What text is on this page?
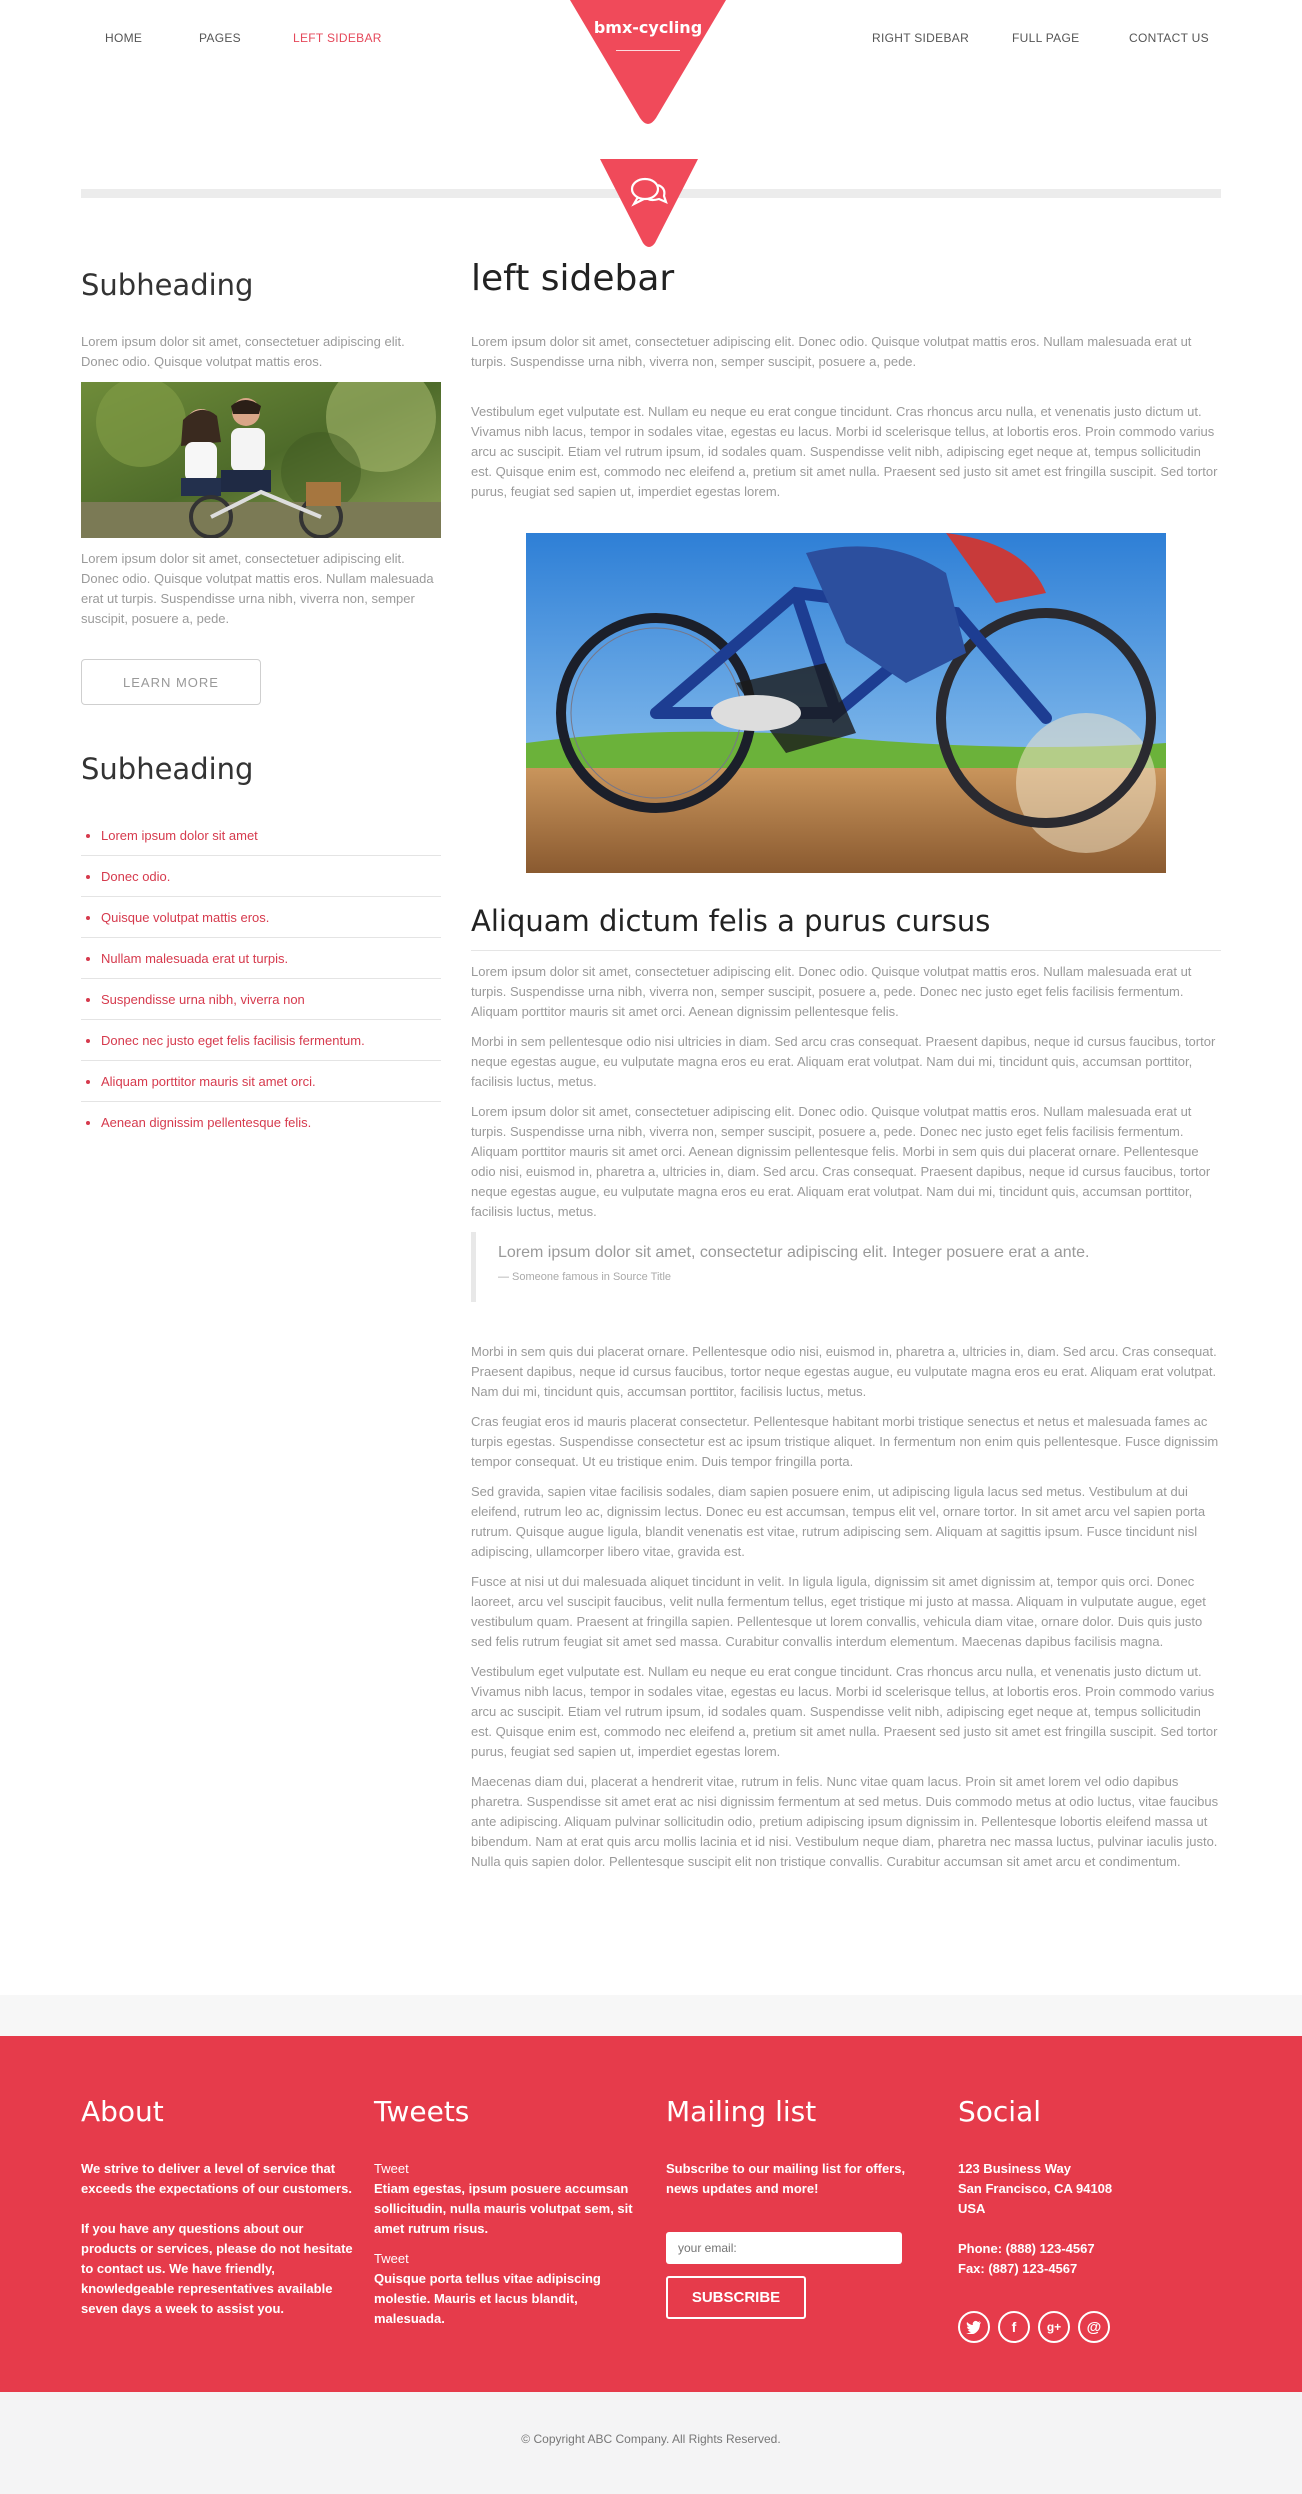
HOME	PAGES	LEFT SIDEBAR	RIGHT SIDEBAR	FULL PAGE	CONTACT US
bmx-cycling
Subheading

Lorem ipsum dolor sit amet, consectetuer adipiscing elit. Donec odio. Quisque volutpat mattis eros.

Lorem ipsum dolor sit amet, consectetuer adipiscing elit. Donec odio. Quisque volutpat mattis eros. Nullam malesuada erat ut turpis. Suspendisse urna nibh, viverra non, semper suscipit, posuere a, pede.

LEARN MORE
Subheading
Lorem ipsum dolor sit amet
Donec odio.
Quisque volutpat mattis eros.
Nullam malesuada erat ut turpis.
Suspendisse urna nibh, viverra non
Donec nec justo eget felis facilisis fermentum.
Aliquam porttitor mauris sit amet orci.
Aenean dignissim pellentesque felis.
left sidebar

Lorem ipsum dolor sit amet, consectetuer adipiscing elit. Donec odio. Quisque volutpat mattis eros. Nullam malesuada erat ut turpis. Suspendisse urna nibh, viverra non, semper suscipit, posuere a, pede.

Vestibulum eget vulputate est. Nullam eu neque eu erat congue tincidunt. Cras rhoncus arcu nulla, et venenatis justo dictum ut. Vivamus nibh lacus, tempor in sodales vitae, egestas eu lacus. Morbi id scelerisque tellus, at lobortis eros. Proin commodo varius arcu ac suscipit. Etiam vel rutrum ipsum, id sodales quam. Suspendisse velit nibh, adipiscing eget neque at, tempus sollicitudin est. Quisque enim est, commodo nec eleifend a, pretium sit amet nulla. Praesent sed justo sit amet est fringilla suscipit. Sed tortor purus, feugiat sed sapien ut, imperdiet egestas lorem.

Aliquam dictum felis a purus cursus

Lorem ipsum dolor sit amet, consectetuer adipiscing elit. Donec odio. Quisque volutpat mattis eros. Nullam malesuada erat ut turpis. Suspendisse urna nibh, viverra non, semper suscipit, posuere a, pede. Donec nec justo eget felis facilisis fermentum. Aliquam porttitor mauris sit amet orci. Aenean dignissim pellentesque felis.

Morbi in sem pellentesque odio nisi ultricies in diam. Sed arcu cras consequat. Praesent dapibus, neque id cursus faucibus, tortor neque egestas augue, eu vulputate magna eros eu erat. Aliquam erat volutpat. Nam dui mi, tincidunt quis, accumsan porttitor, facilisis luctus, metus.

Lorem ipsum dolor sit amet, consectetuer adipiscing elit. Donec odio. Quisque volutpat mattis eros. Nullam malesuada erat ut turpis. Suspendisse urna nibh, viverra non, semper suscipit, posuere a, pede. Donec nec justo eget felis facilisis fermentum. Aliquam porttitor mauris sit amet orci. Aenean dignissim pellentesque felis. Morbi in sem quis dui placerat ornare. Pellentesque odio nisi, euismod in, pharetra a, ultricies in, diam. Sed arcu. Cras consequat. Praesent dapibus, neque id cursus faucibus, tortor neque egestas augue, eu vulputate magna eros eu erat. Aliquam erat volutpat. Nam dui mi, tincidunt quis, accumsan porttitor, facilisis luctus, metus.

Lorem ipsum dolor sit amet, consectetur adipiscing elit. Integer posuere erat a ante.
— Someone famous in Source Title

Morbi in sem quis dui placerat ornare. Pellentesque odio nisi, euismod in, pharetra a, ultricies in, diam. Sed arcu. Cras consequat. Praesent dapibus, neque id cursus faucibus, tortor neque egestas augue, eu vulputate magna eros eu erat. Aliquam erat volutpat. Nam dui mi, tincidunt quis, accumsan porttitor, facilisis luctus, metus.

Cras feugiat eros id mauris placerat consectetur. Pellentesque habitant morbi tristique senectus et netus et malesuada fames ac turpis egestas. Suspendisse consectetur est ac ipsum tristique aliquet. In fermentum non enim quis pellentesque. Fusce dignissim tempor consequat. Ut eu tristique enim. Duis tempor fringilla porta.

Sed gravida, sapien vitae facilisis sodales, diam sapien posuere enim, ut adipiscing ligula lacus sed metus. Vestibulum at dui eleifend, rutrum leo ac, dignissim lectus. Donec eu est accumsan, tempus elit vel, ornare tortor. In sit amet arcu vel sapien porta rutrum. Quisque augue ligula, blandit venenatis est vitae, rutrum adipiscing sem. Aliquam at sagittis ipsum. Fusce tincidunt nisl adipiscing, ullamcorper libero vitae, gravida est.

Fusce at nisi ut dui malesuada aliquet tincidunt in velit. In ligula ligula, dignissim sit amet dignissim at, tempor quis orci. Donec laoreet, arcu vel suscipit faucibus, velit nulla fermentum tellus, eget tristique mi justo at massa. Aliquam in vulputate augue, eget vestibulum quam. Praesent at fringilla sapien. Pellentesque ut lorem convallis, vehicula diam vitae, ornare dolor. Duis quis justo sed felis rutrum feugiat sit amet sed massa. Curabitur convallis interdum elementum. Maecenas dapibus facilisis magna.

Vestibulum eget vulputate est. Nullam eu neque eu erat congue tincidunt. Cras rhoncus arcu nulla, et venenatis justo dictum ut. Vivamus nibh lacus, tempor in sodales vitae, egestas eu lacus. Morbi id scelerisque tellus, at lobortis eros. Proin commodo varius arcu ac suscipit. Etiam vel rutrum ipsum, id sodales quam. Suspendisse velit nibh, adipiscing eget neque at, tempus sollicitudin est. Quisque enim est, commodo nec eleifend a, pretium sit amet nulla. Praesent sed justo sit amet est fringilla suscipit. Sed tortor purus, feugiat sed sapien ut, imperdiet egestas lorem.

Maecenas diam dui, placerat a hendrerit vitae, rutrum in felis. Nunc vitae quam lacus. Proin sit amet lorem vel odio dapibus pharetra. Suspendisse sit amet erat ac nisi dignissim fermentum at sed metus. Duis commodo metus at odio luctus, vitae faucibus ante adipiscing. Aliquam pulvinar sollicitudin odio, pretium adipiscing ipsum dignissim in. Pellentesque lobortis eleifend massa ut bibendum. Nam at erat quis arcu mollis lacinia et id nisi. Vestibulum neque diam, pharetra nec massa luctus, pulvinar iaculis justo. Nulla quis sapien dolor. Pellentesque suscipit elit non tristique convallis. Curabitur accumsan sit amet arcu et condimentum.

About

We strive to deliver a level of service that exceeds the expectations of our customers.

If you have any questions about our products or services, please do not hesitate to contact us. We have friendly, knowledgeable representatives available seven days a week to assist you.

Tweets

Tweet

Etiam egestas, ipsum posuere accumsan sollicitudin, nulla mauris volutpat sem, sit amet rutrum risus.

Tweet

Quisque porta tellus vitae adipiscing molestie. Mauris et lacus blandit, malesuada.

Mailing list

Subscribe to our mailing list for offers, news updates and more!

Social

123 Business Way

San Francisco, CA 94108

USA

Phone: (888) 123-4567

Fax: (887) 123-4567

your email:
SUBSCRIBE
f	g+	@
© Copyright ABC Company. All Rights Reserved.
